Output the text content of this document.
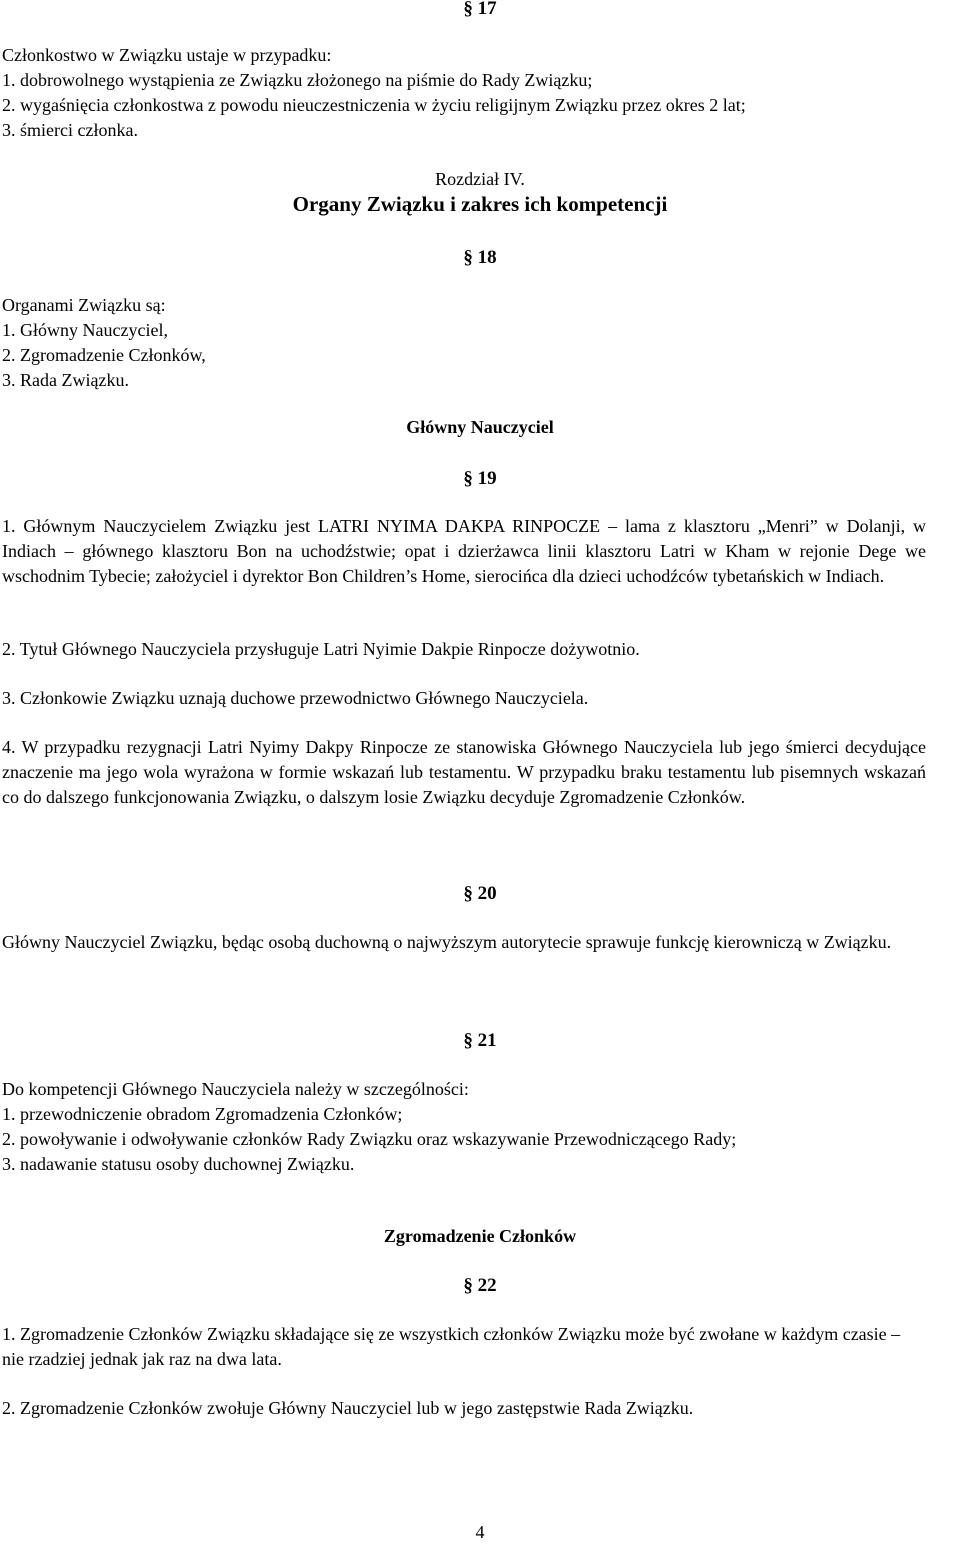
§ 17
Członkostwo w Związku ustaje w przypadku:
1. dobrowolnego wystąpienia ze Związku złożonego na piśmie do Rady Związku;
2. wygaśnięcia członkostwa z powodu nieuczestniczenia w życiu religijnym Związku przez okres 2 lat;
3. śmierci członka.
Rozdział IV.
Organy Związku i zakres ich kompetencji
§ 18
Organami Związku są:
1. Główny Nauczyciel,
2. Zgromadzenie Członków,
3. Rada Związku.
Główny Nauczyciel
§ 19

1. Głównym Nauczycielem Związku jest LATRI NYIMA DAKPA RINPOCZE – lama z klasztoru „Menri” w Dolanji, w Indiach – głównego klasztoru Bon na uchodźstwie; opat i dzierżawca linii klasztoru Latri w Kham w rejonie Dege we wschodnim Tybecie; założyciel i dyrektor Bon Children’s Home, sierocińca dla dzieci uchodźców tybetańskich w Indiach.

2. Tytuł Głównego Nauczyciela przysługuje Latri Nyimie Dakpie Rinpocze dożywotnio.

3. Członkowie Związku uznają duchowe przewodnictwo Głównego Nauczyciela.

4. W przypadku rezygnacji Latri Nyimy Dakpy Rinpocze ze stanowiska Głównego Nauczyciela lub jego śmierci decydujące znaczenie ma jego wola wyrażona w formie wskazań lub testamentu. W przypadku braku testamentu lub pisemnych wskazań co do dalszego funkcjonowania Związku, o dalszym losie Związku decyduje Zgromadzenie Członków.

§ 20

Główny Nauczyciel Związku, będąc osobą duchowną o najwyższym autorytecie sprawuje funkcję kierowniczą w Związku.

§ 21
Do kompetencji Głównego Nauczyciela należy w szczególności:
1. przewodniczenie obradom Zgromadzenia Członków;
2. powoływanie i odwoływanie członków Rady Związku oraz wskazywanie Przewodniczącego Rady;
3. nadawanie statusu osoby duchownej Związku.
Zgromadzenie Członków
§ 22

1. Zgromadzenie Członków Związku składające się ze wszystkich członków Związku może być zwołane w każdym czasie – nie rzadziej jednak jak raz na dwa lata.

2. Zgromadzenie Członków zwołuje Główny Nauczyciel lub w jego zastępstwie Rada Związku.

4
